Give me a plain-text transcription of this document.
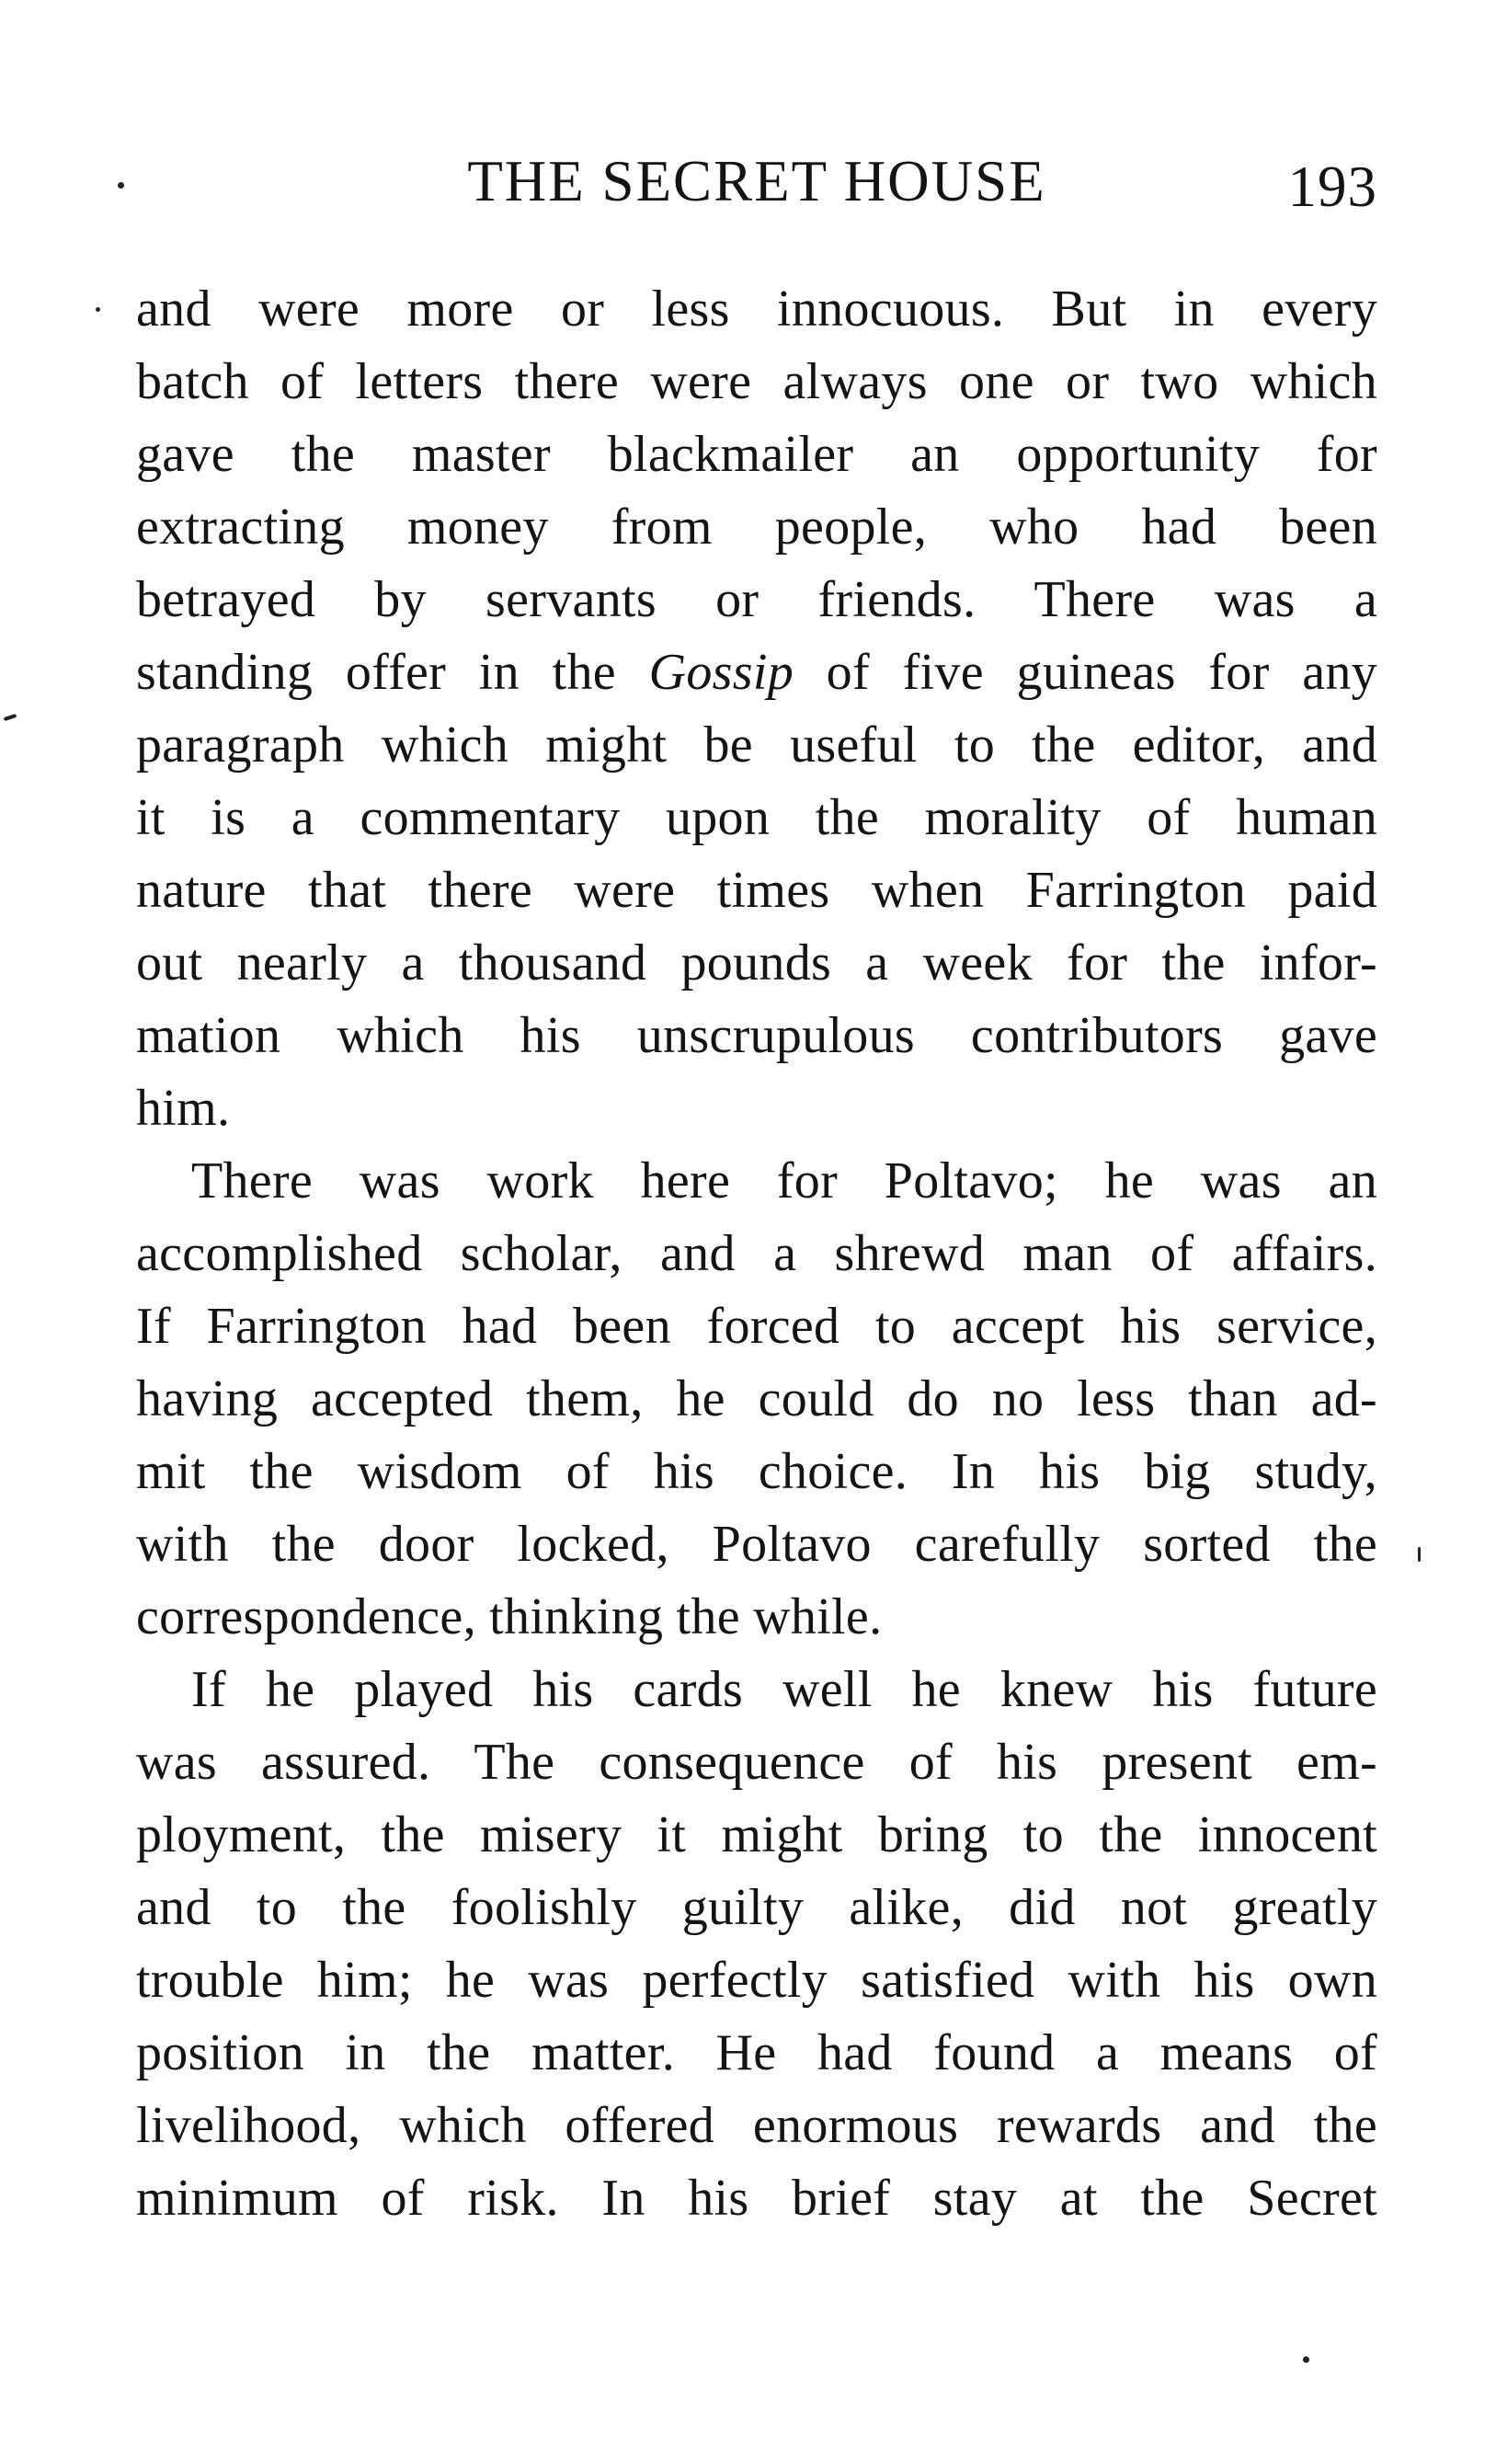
THE SECRET HOUSE	193
and were more or less innocuous. But in every
batch of letters there were always one or two which
gave the master blackmailer an opportunity for
extracting money from people, who had been
betrayed by servants or friends. There was a
standing offer in the Gossip of five guineas for any
paragraph which might be useful to the editor, and
it is a commentary upon the morality of human
nature that there were times when Farrington paid
out nearly a thousand pounds a week for the infor-
mation which his unscrupulous contributors gave
him.
There was work here for Poltavo; he was an
accomplished scholar, and a shrewd man of affairs.
If Farrington had been forced to accept his service,
having accepted them, he could do no less than ad-
mit the wisdom of his choice. In his big study,
with the door locked, Poltavo carefully sorted the
correspondence, thinking the while.
If he played his cards well he knew his future
was assured. The consequence of his present em-
ployment, the misery it might bring to the innocent
and to the foolishly guilty alike, did not greatly
trouble him; he was perfectly satisfied with his own
position in the matter. He had found a means of
livelihood, which offered enormous rewards and the
minimum of risk. In his brief stay at the Secret
